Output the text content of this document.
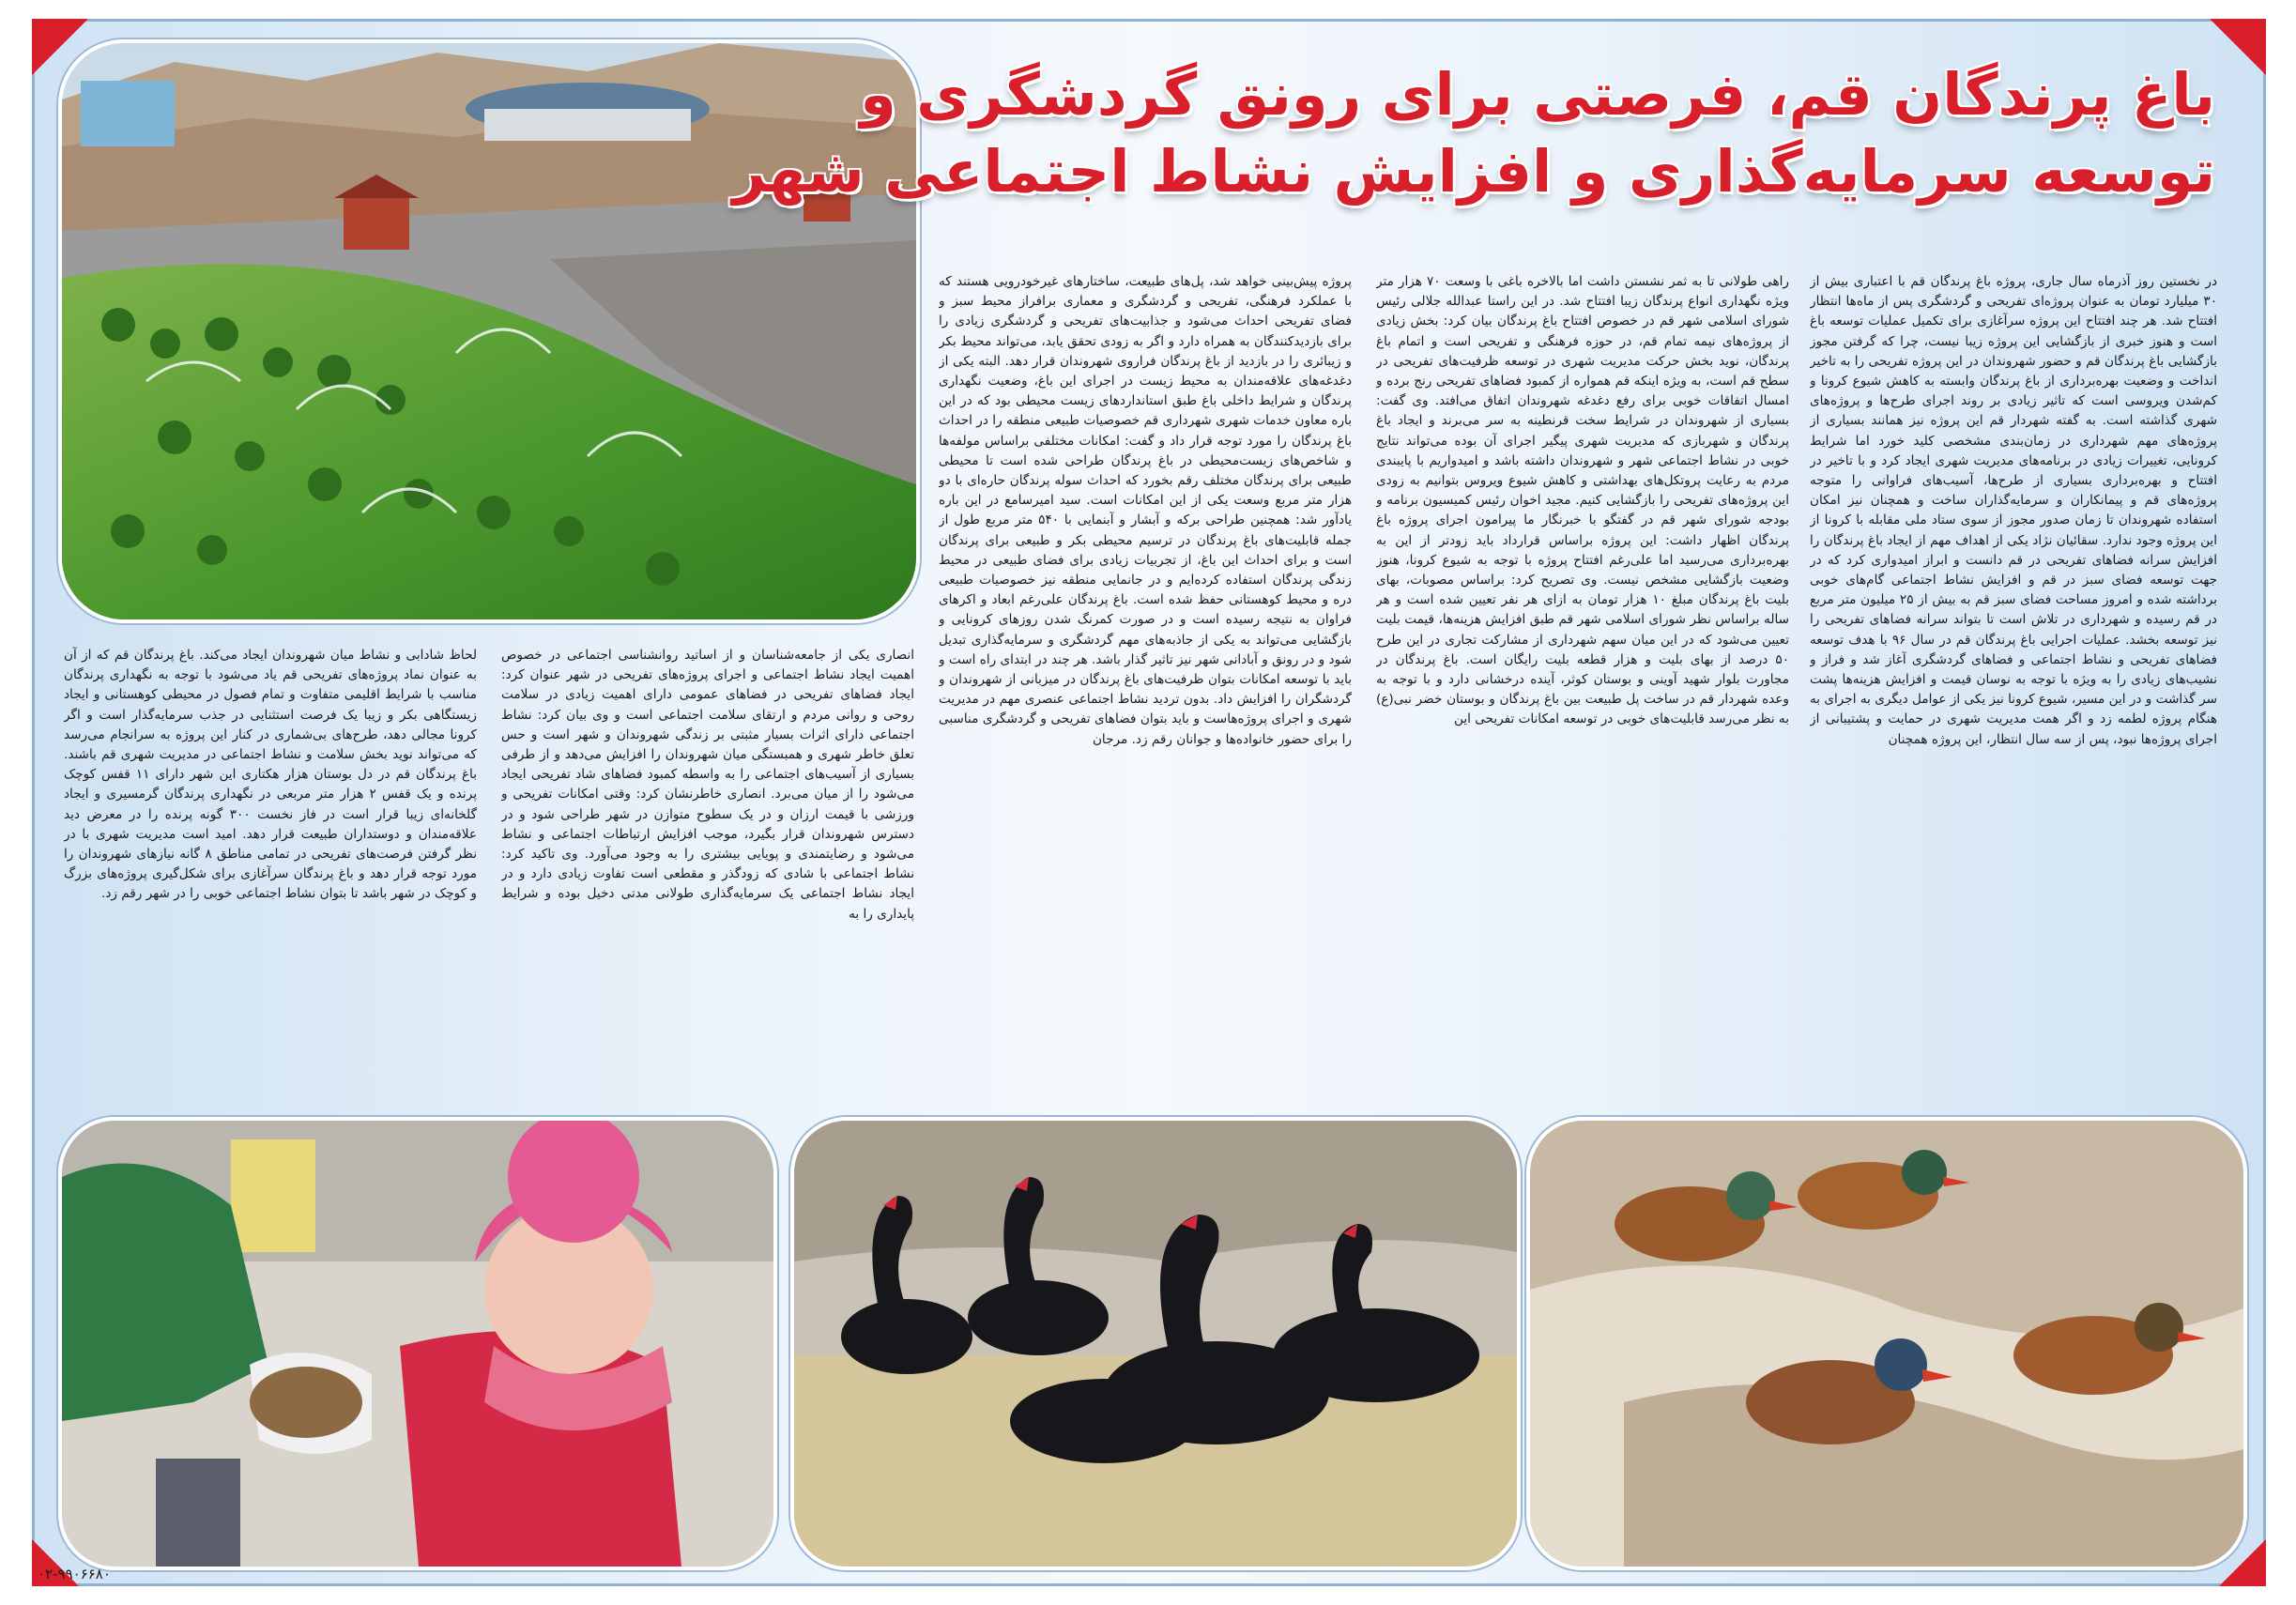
باغ پرندگان قم، فرصتی برای رونق گردشگری و
توسعه سرمایه‌گذاری و افزایش نشاط اجتماعی شهر

در نخستین روز آذرماه سال جاری، پروژه باغ پرندگان قم با اعتباری بیش از ۳۰ میلیارد تومان به عنوان پروژه‌ای تفریحی و گردشگری پس از ماه‌ها انتظار افتتاح شد. هر چند افتتاح این پروژه سرآغازی برای تکمیل عملیات توسعه باغ است و هنوز خبری از بازگشایی این پروژه زیبا نیست، چرا که گرفتن مجوز بازگشایی باغ پرندگان قم و حضور شهروندان در این پروژه تفریحی را به تاخیر انداخت و وضعیت بهره‌برداری از باغ پرندگان وابسته به کاهش شیوع کرونا و کم‌شدن ویروسی است که تاثیر زیادی بر روند اجرای طرح‌ها و پروژه‌های شهری گذاشته است. به گفته شهردار قم این پروژه نیز همانند بسیاری از پروژه‌های مهم شهرداری در زمان‌بندی مشخصی کلید خورد اما شرایط کرونایی، تغییرات زیادی در برنامه‌های مدیریت شهری ایجاد کرد و با تاخیر در افتتاح و بهره‌برداری بسیاری از طرح‌ها، آسیب‌های فراوانی را متوجه پروژه‌های قم و پیمانکاران و سرمایه‌گذاران ساخت و همچنان نیز امکان استفاده شهروندان تا زمان صدور مجوز از سوی ستاد ملی مقابله با کرونا از این پروژه وجود ندارد. سقائیان نژاد یکی از اهداف مهم از ایجاد باغ پرندگان را افزایش سرانه فضاهای تفریحی در قم دانست و ابراز امیدواری کرد که در جهت توسعه فضای سبز در قم و افزایش نشاط اجتماعی گام‌های خوبی برداشته شده و امروز مساحت فضای سبز قم به بیش از ۲۵ میلیون متر مربع در قم رسیده و شهرداری در تلاش است تا بتواند سرانه فضاهای تفریحی را نیز توسعه بخشد. عملیات اجرایی باغ پرندگان قم در سال ۹۶ با هدف توسعه فضاهای تفریحی و نشاط اجتماعی و فضاهای گردشگری آغاز شد و فراز و نشیب‌های زیادی را به ویژه با توجه به نوسان قیمت و افزایش هزینه‌ها پشت سر گذاشت و در این مسیر، شیوع کرونا نیز یکی از عوامل دیگری به اجرای به هنگام پروژه لطمه زد و اگر همت مدیریت شهری در حمایت و پشتیبانی از اجرای پروژه‌ها نبود، پس از سه سال انتظار، این پروژه همچنان

راهی طولانی تا به ثمر نشستن داشت اما بالاخره باغی با وسعت ۷۰ هزار متر ویژه نگهداری انواع پرندگان زیبا افتتاح شد. در این راستا عبدالله جلالی رئیس شورای اسلامی شهر قم در خصوص افتتاح باغ پرندگان بیان کرد: بخش زیادی از پروژه‌های نیمه تمام قم، در حوزه فرهنگی و تفریحی است و اتمام باغ پرندگان، نوید بخش حرکت مدیریت شهری در توسعه ظرفیت‌های تفریحی در سطح قم است، به ویژه اینکه قم همواره از کمبود فضاهای تفریحی رنج برده و امسال اتفاقات خوبی برای رفع دغدغه شهروندان اتفاق می‌افتد. وی گفت: بسیاری از شهروندان در شرایط سخت قرنطینه به سر می‌برند و ایجاد باغ پرندگان و شهربازی که مدیریت شهری پیگیر اجرای آن بوده می‌تواند نتایج خوبی در نشاط اجتماعی شهر و شهروندان داشته باشد و امیدواریم با پایبندی مردم به رعایت پروتکل‌های بهداشتی و کاهش شیوع ویروس بتوانیم به زودی این پروژه‌های تفریحی را بازگشایی کنیم. مجید اخوان رئیس کمیسیون برنامه و بودجه شورای شهر قم در گفتگو با خبرنگار ما پیرامون اجرای پروژه باغ پرندگان اظهار داشت: این پروژه براساس قرارداد باید زودتر از این به بهره‌برداری می‌رسید اما علی‌رغم افتتاح پروژه با توجه به شیوع کرونا، هنوز وضعیت بازگشایی مشخص نیست. وی تصریح کرد: براساس مصوبات، بهای بلیت باغ پرندگان مبلغ ۱۰ هزار تومان به ازای هر نفر تعیین شده است و هر ساله براساس نظر شورای اسلامی شهر قم طبق افزایش هزینه‌ها، قیمت بلیت تعیین می‌شود که در این میان سهم شهرداری از مشارکت تجاری در این طرح ۵۰ درصد از بهای بلیت و هزار قطعه بلیت رایگان است. باغ پرندگان در مجاورت بلوار شهید آوینی و بوستان کوثر، آینده درخشانی دارد و با توجه به وعده شهردار قم در ساخت پل طبیعت بین باغ پرندگان و بوستان خضر نبی(ع) به نظر می‌رسد قابلیت‌های خوبی در توسعه امکانات تفریحی این

پروژه پیش‌بینی خواهد شد، پل‌های طبیعت، ساختارهای غیرخودرویی هستند که با عملکرد فرهنگی، تفریحی و گردشگری و معماری برافراز محیط سبز و فضای تفریحی احداث می‌شود و جذابیت‌های تفریحی و گردشگری زیادی را برای بازدیدکنندگان به همراه دارد و اگر به زودی تحقق یابد، می‌تواند محیط بکر و زیبائری را در بازدید از باغ پرندگان فراروی شهروندان قرار دهد. البته یکی از دغدغه‌های علاقه‌مندان به محیط زیست در اجرای این باغ، وضعیت نگهداری پرندگان و شرایط داخلی باغ طبق استانداردهای زیست محیطی بود که در این باره معاون خدمات شهری شهرداری قم خصوصیات طبیعی منطقه را در احداث باغ پرندگان را مورد توجه قرار داد و گفت: امکانات مختلفی براساس مولفه‌ها و شاخص‌های زیست‌محیطی در باغ پرندگان طراحی شده است تا محیطی طبیعی برای پرندگان مختلف رقم بخورد که احداث سوله پرندگان حاره‌ای با دو هزار متر مربع وسعت یکی از این امکانات است. سید امیرسامع در این باره یادآور شد: همچنین طراحی برکه و آبشار و آبنمایی با ۵۴۰ متر مربع طول از جمله قابلیت‌های باغ پرندگان در ترسیم محیطی بکر و طبیعی برای پرندگان است و برای احداث این باغ، از تجربیات زیادی برای فضای طبیعی در محیط زندگی پرندگان استفاده کرده‌ایم و در جانمایی منطقه نیز خصوصیات طبیعی دره و محیط کوهستانی حفظ شده است. باغ پرندگان علی‌رغم ابعاد و اکرهای فراوان به نتیجه رسیده است و در صورت کمرنگ شدن روزهای کرونایی و بازگشایی می‌تواند به یکی از جاذبه‌های مهم گردشگری و سرمایه‌گذاری تبدیل شود و در رونق و آبادانی شهر نیز تاثیر گذار باشد. هر چند در ابتدای راه است و باید با توسعه امکانات بتوان ظرفیت‌های باغ پرندگان در میزبانی از شهروندان و گردشگران را افزایش داد. بدون تردید نشاط اجتماعی عنصری مهم در مدیریت شهری و اجرای پروژه‌هاست و باید بتوان فضاهای تفریحی و گردشگری مناسبی را برای حضور خانواده‌ها و جوانان رقم زد. مرجان

انصاری یکی از جامعه‌شناسان و از اساتید روانشناسی اجتماعی در خصوص اهمیت ایجاد نشاط اجتماعی و اجرای پروژه‌های تفریحی در شهر عنوان کرد: ایجاد فضاهای تفریحی در فضاهای عمومی دارای اهمیت زیادی در سلامت روحی و روانی مردم و ارتقای سلامت اجتماعی است و وی بیان کرد: نشاط اجتماعی دارای اثرات بسیار مثبتی بر زندگی شهروندان و شهر است و حس تعلق خاطر شهری و همبستگی میان شهروندان را افزایش می‌دهد و از طرفی بسیاری از آسیب‌های اجتماعی را به واسطه کمبود فضاهای شاد تفریحی ایجاد می‌شود را از میان می‌برد. انصاری خاطرنشان کرد: وقتی امکانات تفریحی و ورزشی با قیمت ارزان و در یک سطوح متوازن در شهر طراحی شود و در دسترس شهروندان قرار بگیرد، موجب افزایش ارتباطات اجتماعی و نشاط می‌شود و رضایتمندی و پویایی بیشتری را به وجود می‌آورد. وی تاکید کرد: نشاط اجتماعی با شادی که زودگذر و مقطعی است تفاوت زیادی دارد و در ایجاد نشاط اجتماعی یک سرمایه‌گذاری طولانی مدتی دخیل بوده و شرایط پایداری را به

لحاظ شادابی و نشاط میان شهروندان ایجاد می‌کند. باغ پرندگان قم که از آن به عنوان نماد پروژه‌های تفریحی قم یاد می‌شود با توجه به نگهداری پرندگان مناسب با شرایط اقلیمی متفاوت و تمام فصول در محیطی کوهستانی و ایجاد زیستگاهی بکر و زیبا یک فرصت استثنایی در جذب سرمایه‌گذار است و اگر کرونا مجالی دهد، طرح‌های بی‌شماری در کنار این پروژه به سرانجام می‌رسد که می‌تواند نوید بخش سلامت و نشاط اجتماعی در مدیریت شهری قم باشند. باغ پرندگان قم در دل بوستان هزار هکتاری این شهر دارای ۱۱ قفس کوچک پرنده و یک قفس ۲ هزار متر مربعی در نگهداری پرندگان گرمسیری و ایجاد گلخانه‌ای زیبا قرار است در فاز نخست ۳۰۰ گونه پرنده را در معرض دید علاقه‌مندان و دوستداران طبیعت قرار دهد. امید است مدیریت شهری با در نظر گرفتن فرصت‌های تفریحی در تمامی مناطق ۸ گانه نیازهای شهروندان را مورد توجه قرار دهد و باغ پرندگان سرآغازی برای شکل‌گیری پروژه‌های بزرگ و کوچک در شهر باشد تا بتوان نشاط اجتماعی خوبی را در شهر رقم زد.

۰۲-۹۹۰۶۶۸۰
